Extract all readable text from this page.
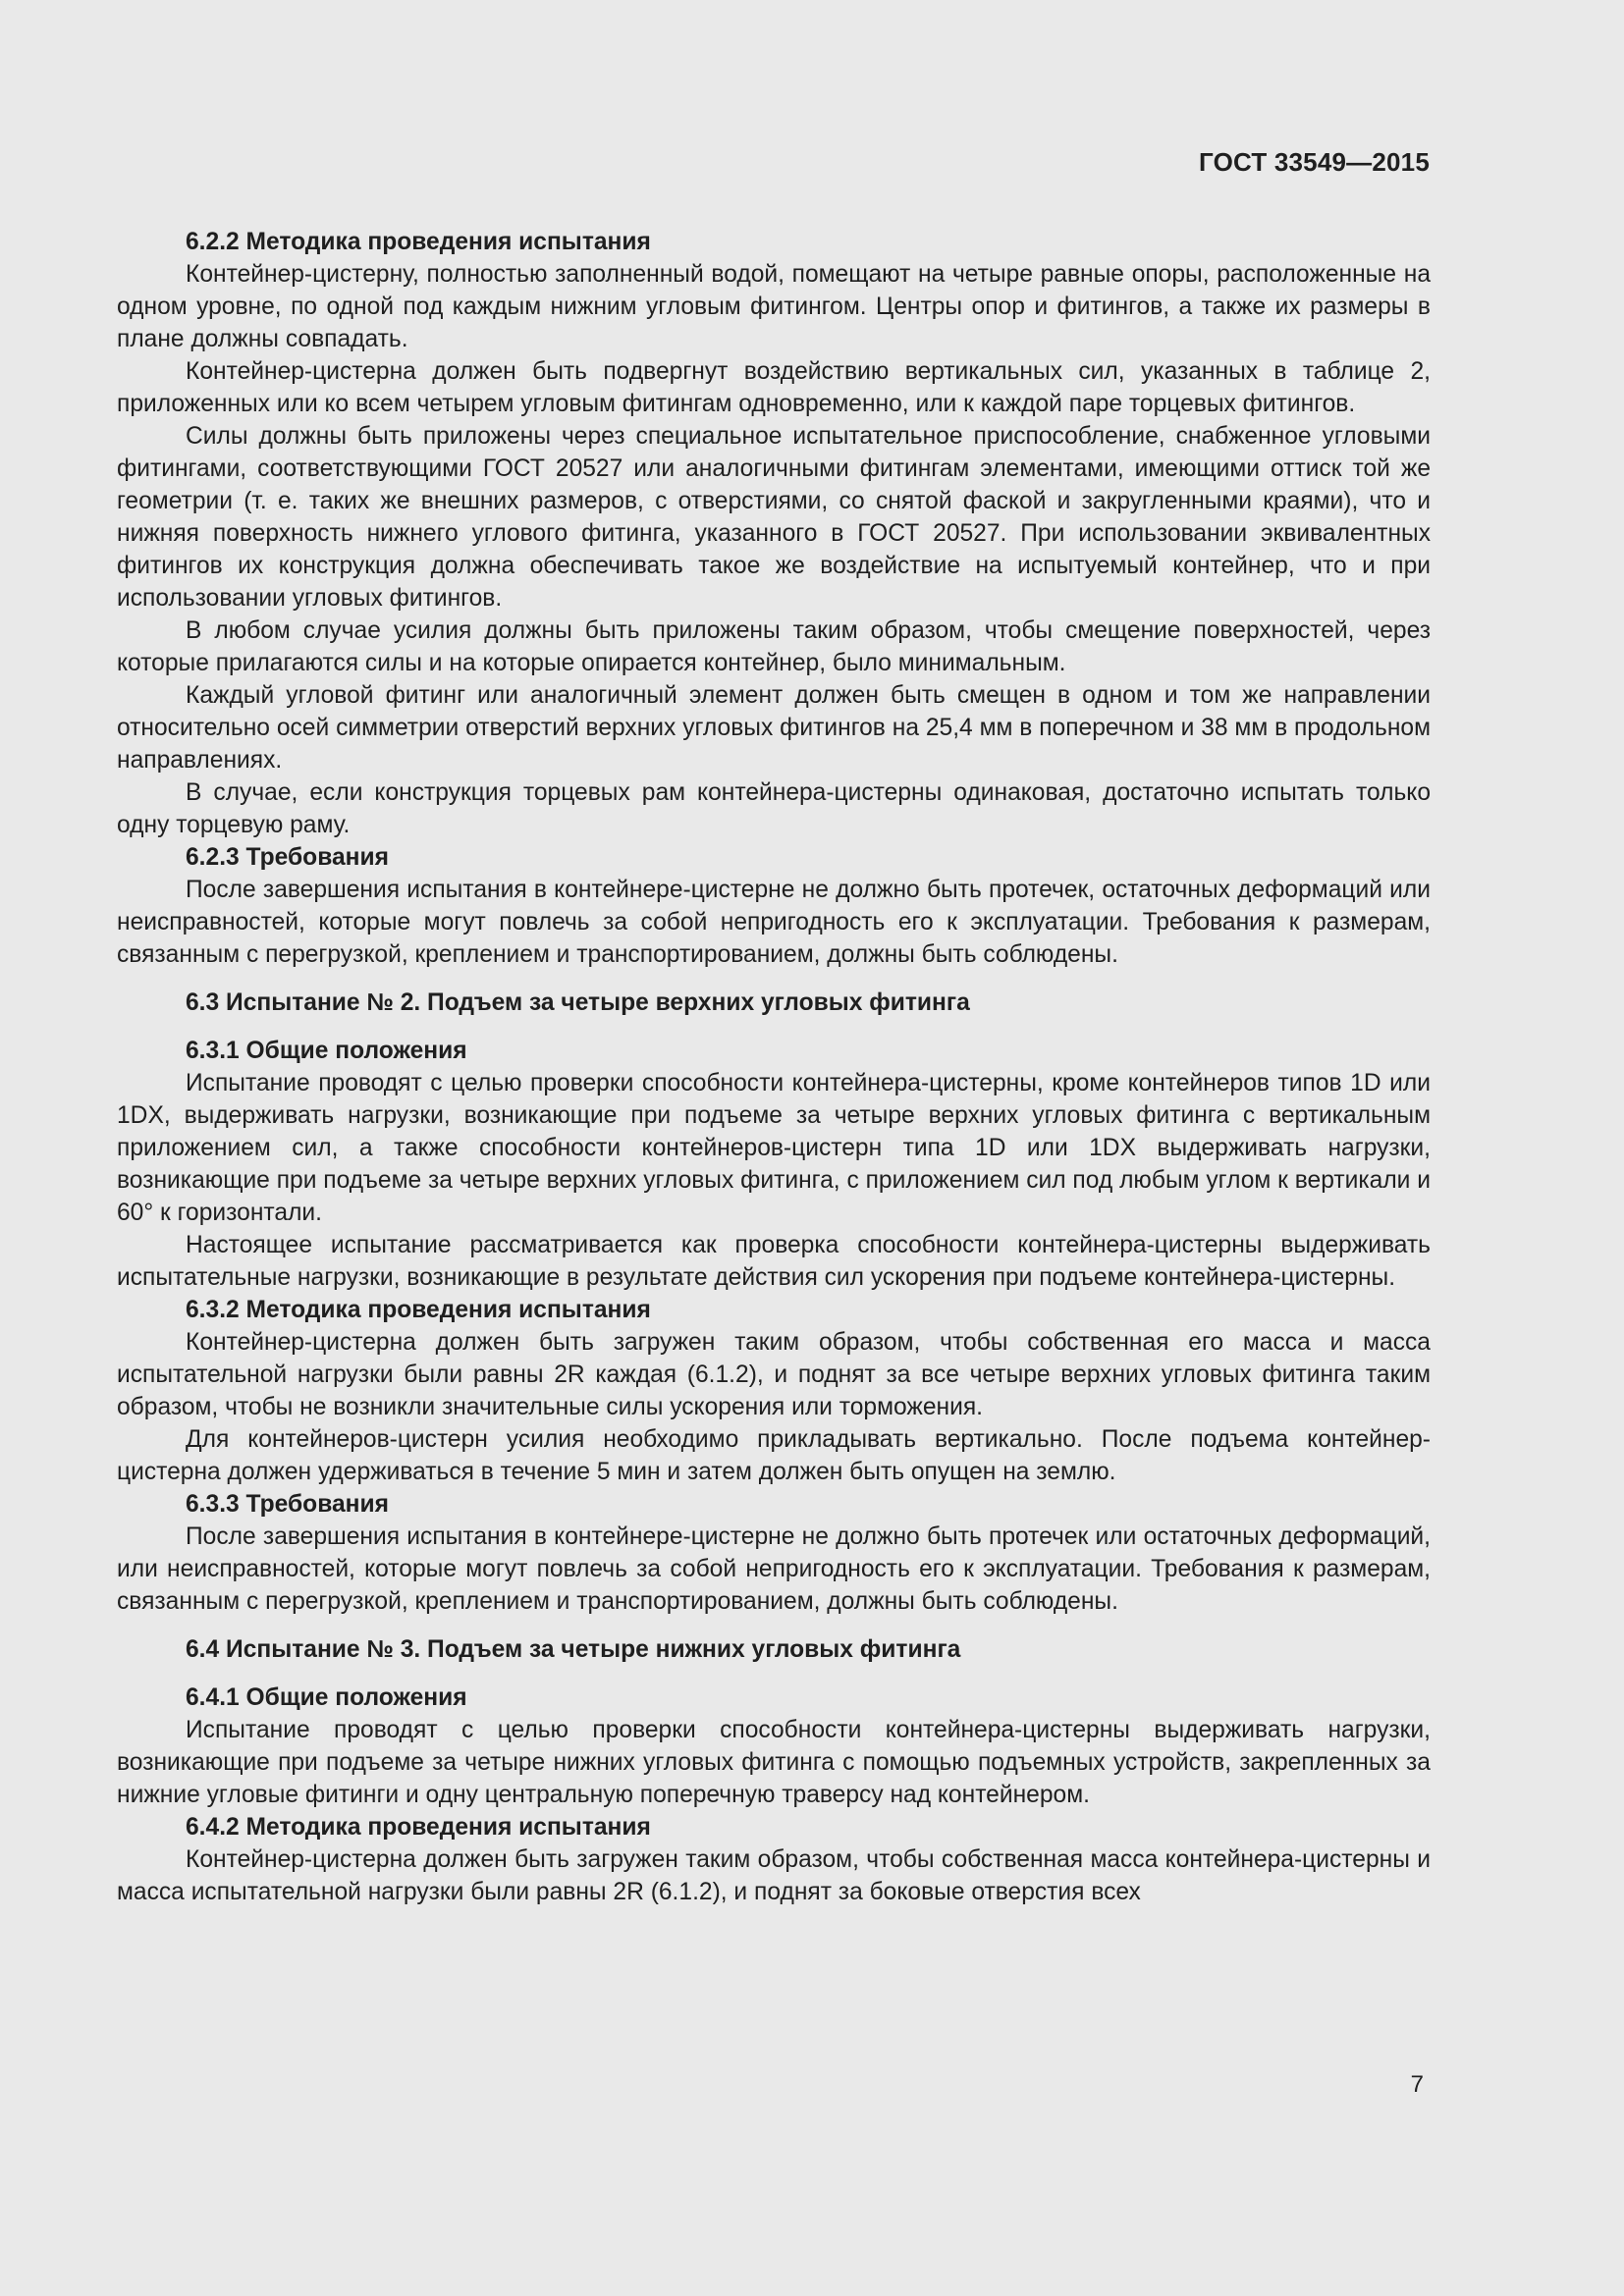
ГОСТ 33549—2015
6.2.2 Методика проведения испытания

Контейнер-цистерну, полностью заполненный водой, помещают на четыре равные опоры, расположенные на одном уровне, по одной под каждым нижним угловым фитингом. Центры опор и фитингов, а также их размеры в плане должны совпадать.

Контейнер-цистерна должен быть подвергнут воздействию вертикальных сил, указанных в таблице 2, приложенных или ко всем четырем угловым фитингам одновременно, или к каждой паре торцевых фитингов.

Силы должны быть приложены через специальное испытательное приспособление, снабженное угловыми фитингами, соответствующими ГОСТ 20527 или аналогичными фитингам элементами, имеющими оттиск той же геометрии (т. е. таких же внешних размеров, с отверстиями, со снятой фаской и закругленными краями), что и нижняя поверхность нижнего углового фитинга, указанного в ГОСТ 20527. При использовании эквивалентных фитингов их конструкция должна обеспечивать такое же воздействие на испытуемый контейнер, что и при использовании угловых фитингов.

В любом случае усилия должны быть приложены таким образом, чтобы смещение поверхностей, через которые прилагаются силы и на которые опирается контейнер, было минимальным.

Каждый угловой фитинг или аналогичный элемент должен быть смещен в одном и том же направлении относительно осей симметрии отверстий верхних угловых фитингов на 25,4 мм в поперечном и 38 мм в продольном направлениях.

В случае, если конструкция торцевых рам контейнера-цистерны одинаковая, достаточно испытать только одну торцевую раму.

6.2.3 Требования

После завершения испытания в контейнере-цистерне не должно быть протечек, остаточных деформаций или неисправностей, которые могут повлечь за собой непригодность его к эксплуатации. Требования к размерам, связанным с перегрузкой, креплением и транспортированием, должны быть соблюдены.

6.3 Испытание № 2. Подъем за четыре верхних угловых фитинга
6.3.1 Общие положения

Испытание проводят с целью проверки способности контейнера-цистерны, кроме контейнеров типов 1D или 1DX, выдерживать нагрузки, возникающие при подъеме за четыре верхних угловых фитинга с вертикальным приложением сил, а также способности контейнеров-цистерн типа 1D или 1DX выдерживать нагрузки, возникающие при подъеме за четыре верхних угловых фитинга, с приложением сил под любым углом к вертикали и 60° к горизонтали.

Настоящее испытание рассматривается как проверка способности контейнера-цистерны выдерживать испытательные нагрузки, возникающие в результате действия сил ускорения при подъеме контейнера-цистерны.

6.3.2 Методика проведения испытания

Контейнер-цистерна должен быть загружен таким образом, чтобы собственная его масса и масса испытательной нагрузки были равны 2R каждая (6.1.2), и поднят за все четыре верхних угловых фитинга таким образом, чтобы не возникли значительные силы ускорения или торможения.

Для контейнеров-цистерн усилия необходимо прикладывать вертикально. После подъема контейнер-цистерна должен удерживаться в течение 5 мин и затем должен быть опущен на землю.

6.3.3 Требования

После завершения испытания в контейнере-цистерне не должно быть протечек или остаточных деформаций, или неисправностей, которые могут повлечь за собой непригодность его к эксплуатации. Требования к размерам, связанным с перегрузкой, креплением и транспортированием, должны быть соблюдены.

6.4 Испытание № 3. Подъем за четыре нижних угловых фитинга
6.4.1 Общие положения

Испытание проводят с целью проверки способности контейнера-цистерны выдерживать нагрузки, возникающие при подъеме за четыре нижних угловых фитинга с помощью подъемных устройств, закрепленных за нижние угловые фитинги и одну центральную поперечную траверсу над контейнером.

6.4.2 Методика проведения испытания

Контейнер-цистерна должен быть загружен таким образом, чтобы собственная масса контейнера-цистерны и масса испытательной нагрузки были равны 2R (6.1.2), и поднят за боковые отверстия всех

7
